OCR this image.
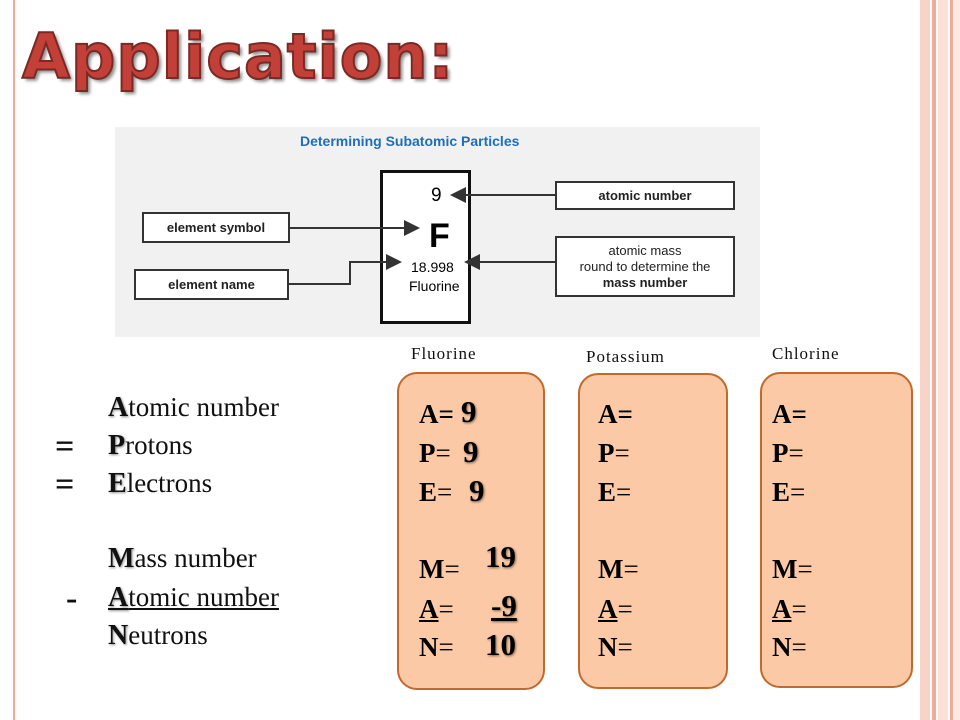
Application:
Determining Subatomic Particles
9
F
18.998
Fluorine
element symbol
element name
atomic number
atomic mass
round to determine the
mass number
Fluorine	Potassium	Chlorine
Atomic number
= Protons
= Electrons
Mass number
- Atomic number
Neutrons
A= 9
P= 9
E= 9
M= 19
A= -9
N= 10
A=
P=
E=
M=
A=
N=
A=
P=
E=
M=
A=
N=
